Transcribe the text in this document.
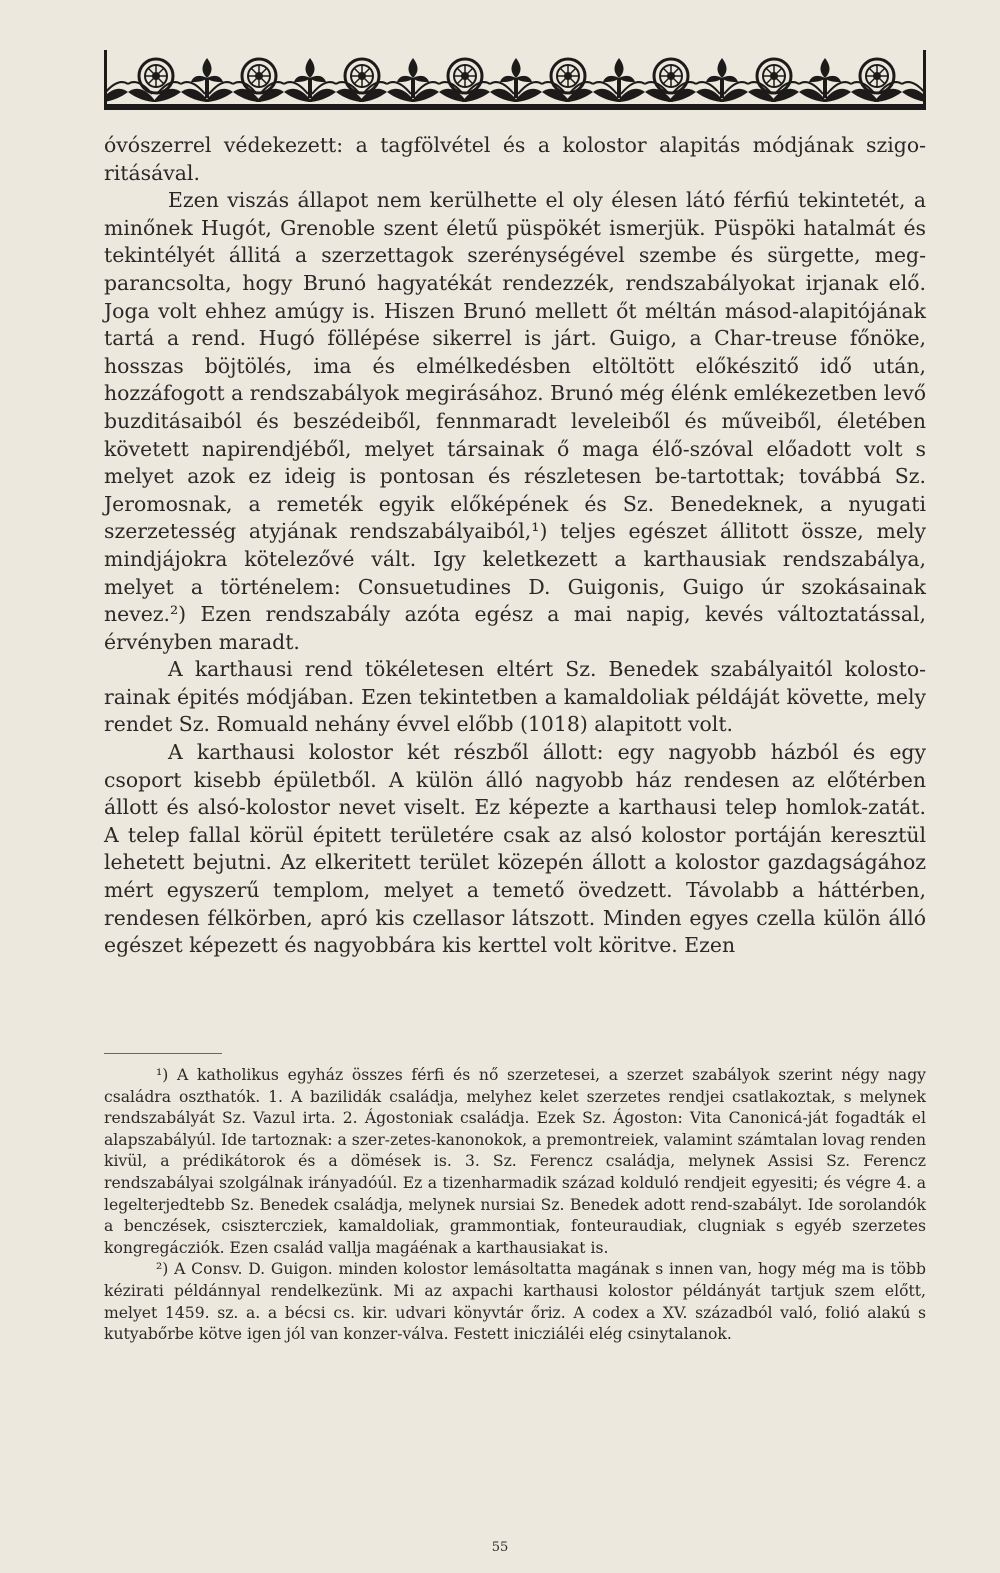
óvószerrel védekezett: a tagfölvétel és a kolostor alapitás módjának szigo-ritásával.

Ezen viszás állapot nem kerülhette el oly élesen látó férfiú tekintetét, a minőnek Hugót, Grenoble szent életű püspökét ismerjük. Püspöki hatalmát és tekintélyét állitá a szerzettagok szerénységével szembe és sürgette, meg-parancsolta, hogy Brunó hagyatékát rendezzék, rendszabályokat irjanak elő. Joga volt ehhez amúgy is. Hiszen Brunó mellett őt méltán másod-alapitójának tartá a rend. Hugó föllépése sikerrel is járt. Guigo, a Char-treuse főnöke, hosszas böjtölés, ima és elmélkedésben eltöltött előkészitő idő után, hozzáfogott a rendszabályok megirásához. Brunó még élénk emlékezetben levő buzditásaiból és beszédeiből, fennmaradt leveleiből és műveiből, életében követett napirendjéből, melyet társainak ő maga élő-szóval előadott volt s melyet azok ez ideig is pontosan és részletesen be-tartottak; továbbá Sz. Jeromosnak, a remeték egyik előképének és Sz. Benedeknek, a nyugati szerzetesség atyjának rendszabályaiból,¹) teljes egészet állitott össze, mely mindjájokra kötelezővé vált. Igy keletkezett a karthausiak rendszabálya, melyet a történelem: Consuetudines D. Guigonis, Guigo úr szokásainak nevez.²) Ezen rendszabály azóta egész a mai napig, kevés változtatással, érvényben maradt.

A karthausi rend tökéletesen eltért Sz. Benedek szabályaitól kolosto-rainak épités módjában. Ezen tekintetben a kamaldoliak példáját követte, mely rendet Sz. Romuald nehány évvel előbb (1018) alapitott volt.

A karthausi kolostor két részből állott: egy nagyobb házból és egy csoport kisebb épületből. A külön álló nagyobb ház rendesen az előtérben állott és alsó-kolostor nevet viselt. Ez képezte a karthausi telep homlok-zatát. A telep fallal körül épitett területére csak az alsó kolostor portáján keresztül lehetett bejutni. Az elkeritett terület közepén állott a kolostor gazdagságához mért egyszerű templom, melyet a temető övedzett. Távolabb a háttérben, rendesen félkörben, apró kis czellasor látszott. Minden egyes czella külön álló egészet képezett és nagyobbára kis kerttel volt köritve. Ezen

¹) A katholikus egyház összes férfi és nő szerzetesei, a szerzet szabályok szerint négy nagy családra oszthatók. 1. A bazilidák családja, melyhez kelet szerzetes rendjei csatlakoztak, s melynek rendszabályát Sz. Vazul irta. 2. Ágostoniak családja. Ezek Sz. Ágoston: Vita Canonicá-ját fogadták el alapszabályúl. Ide tartoznak: a szer-zetes-kanonokok, a premontreiek, valamint számtalan lovag renden kivül, a prédikátorok és a dömések is. 3. Sz. Ferencz családja, melynek Assisi Sz. Ferencz rendszabályai szolgálnak irányadóúl. Ez a tizenharmadik század kolduló rendjeit egyesiti; és végre 4. a legelterjedtebb Sz. Benedek családja, melynek nursiai Sz. Benedek adott rend-szabályt. Ide sorolandók a benczések, csisztercziek, kamaldoliak, grammontiak, fonteuraudiak, clugniak s egyéb szerzetes kongregácziók. Ezen család vallja magáénak a karthausiakat is.

²) A Consv. D. Guigon. minden kolostor lemásoltatta magának s innen van, hogy még ma is több kézirati példánnyal rendelkezünk. Mi az axpachi karthausi kolostor példányát tartjuk szem előtt, melyet 1459. sz. a. a bécsi cs. kir. udvari könyvtár őriz. A codex a XV. századból való, folió alakú s kutyabőrbe kötve igen jól van konzer-válva. Festett inicziáléi elég csinytalanok.

55
